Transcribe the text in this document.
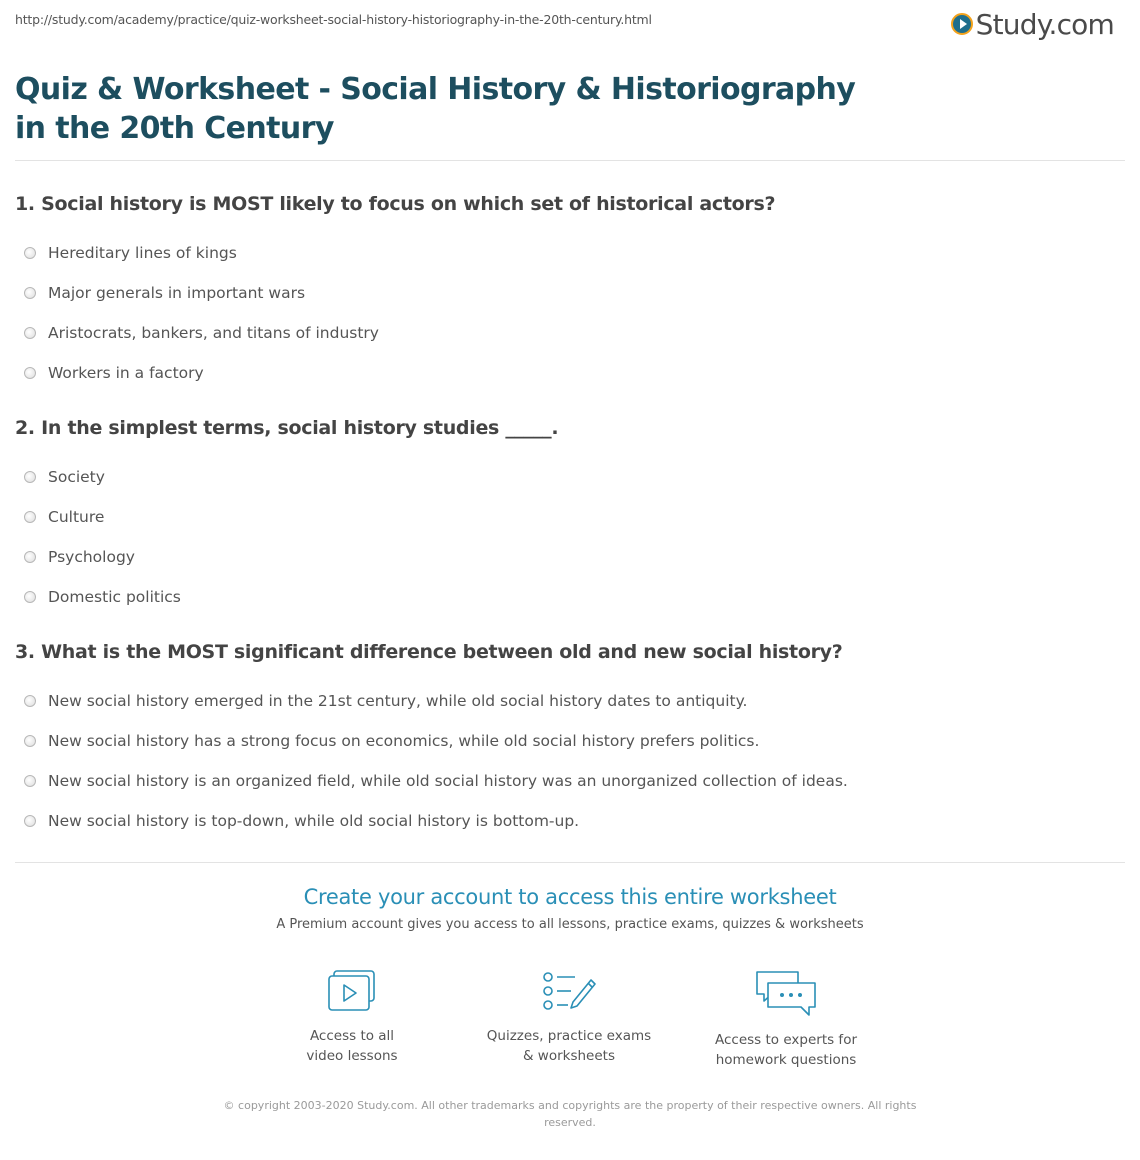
http://study.com/academy/practice/quiz-worksheet-social-history-historiography-in-the-20th-century.html	Study.com
Quiz & Worksheet - Social History & Historiography in the 20th Century
1. Social history is MOST likely to focus on which set of historical actors?
Hereditary lines of kings
Major generals in important wars
Aristocrats, bankers, and titans of industry
Workers in a factory
2. In the simplest terms, social history studies _____.
Society
Culture
Psychology
Domestic politics
3. What is the MOST significant difference between old and new social history?
New social history emerged in the 21st century, while old social history dates to antiquity.
New social history has a strong focus on economics, while old social history prefers politics.
New social history is an organized field, while old social history was an unorganized collection of ideas.
New social history is top-down, while old social history is bottom-up.
Create your account to access this entire worksheet
A Premium account gives you access to all lessons, practice exams, quizzes & worksheets
Access to all
video lessons
Quizzes, practice exams
& worksheets
Access to experts for
homework questions
© copyright 2003-2020 Study.com. All other trademarks and copyrights are the property of their respective owners. All rights reserved.
